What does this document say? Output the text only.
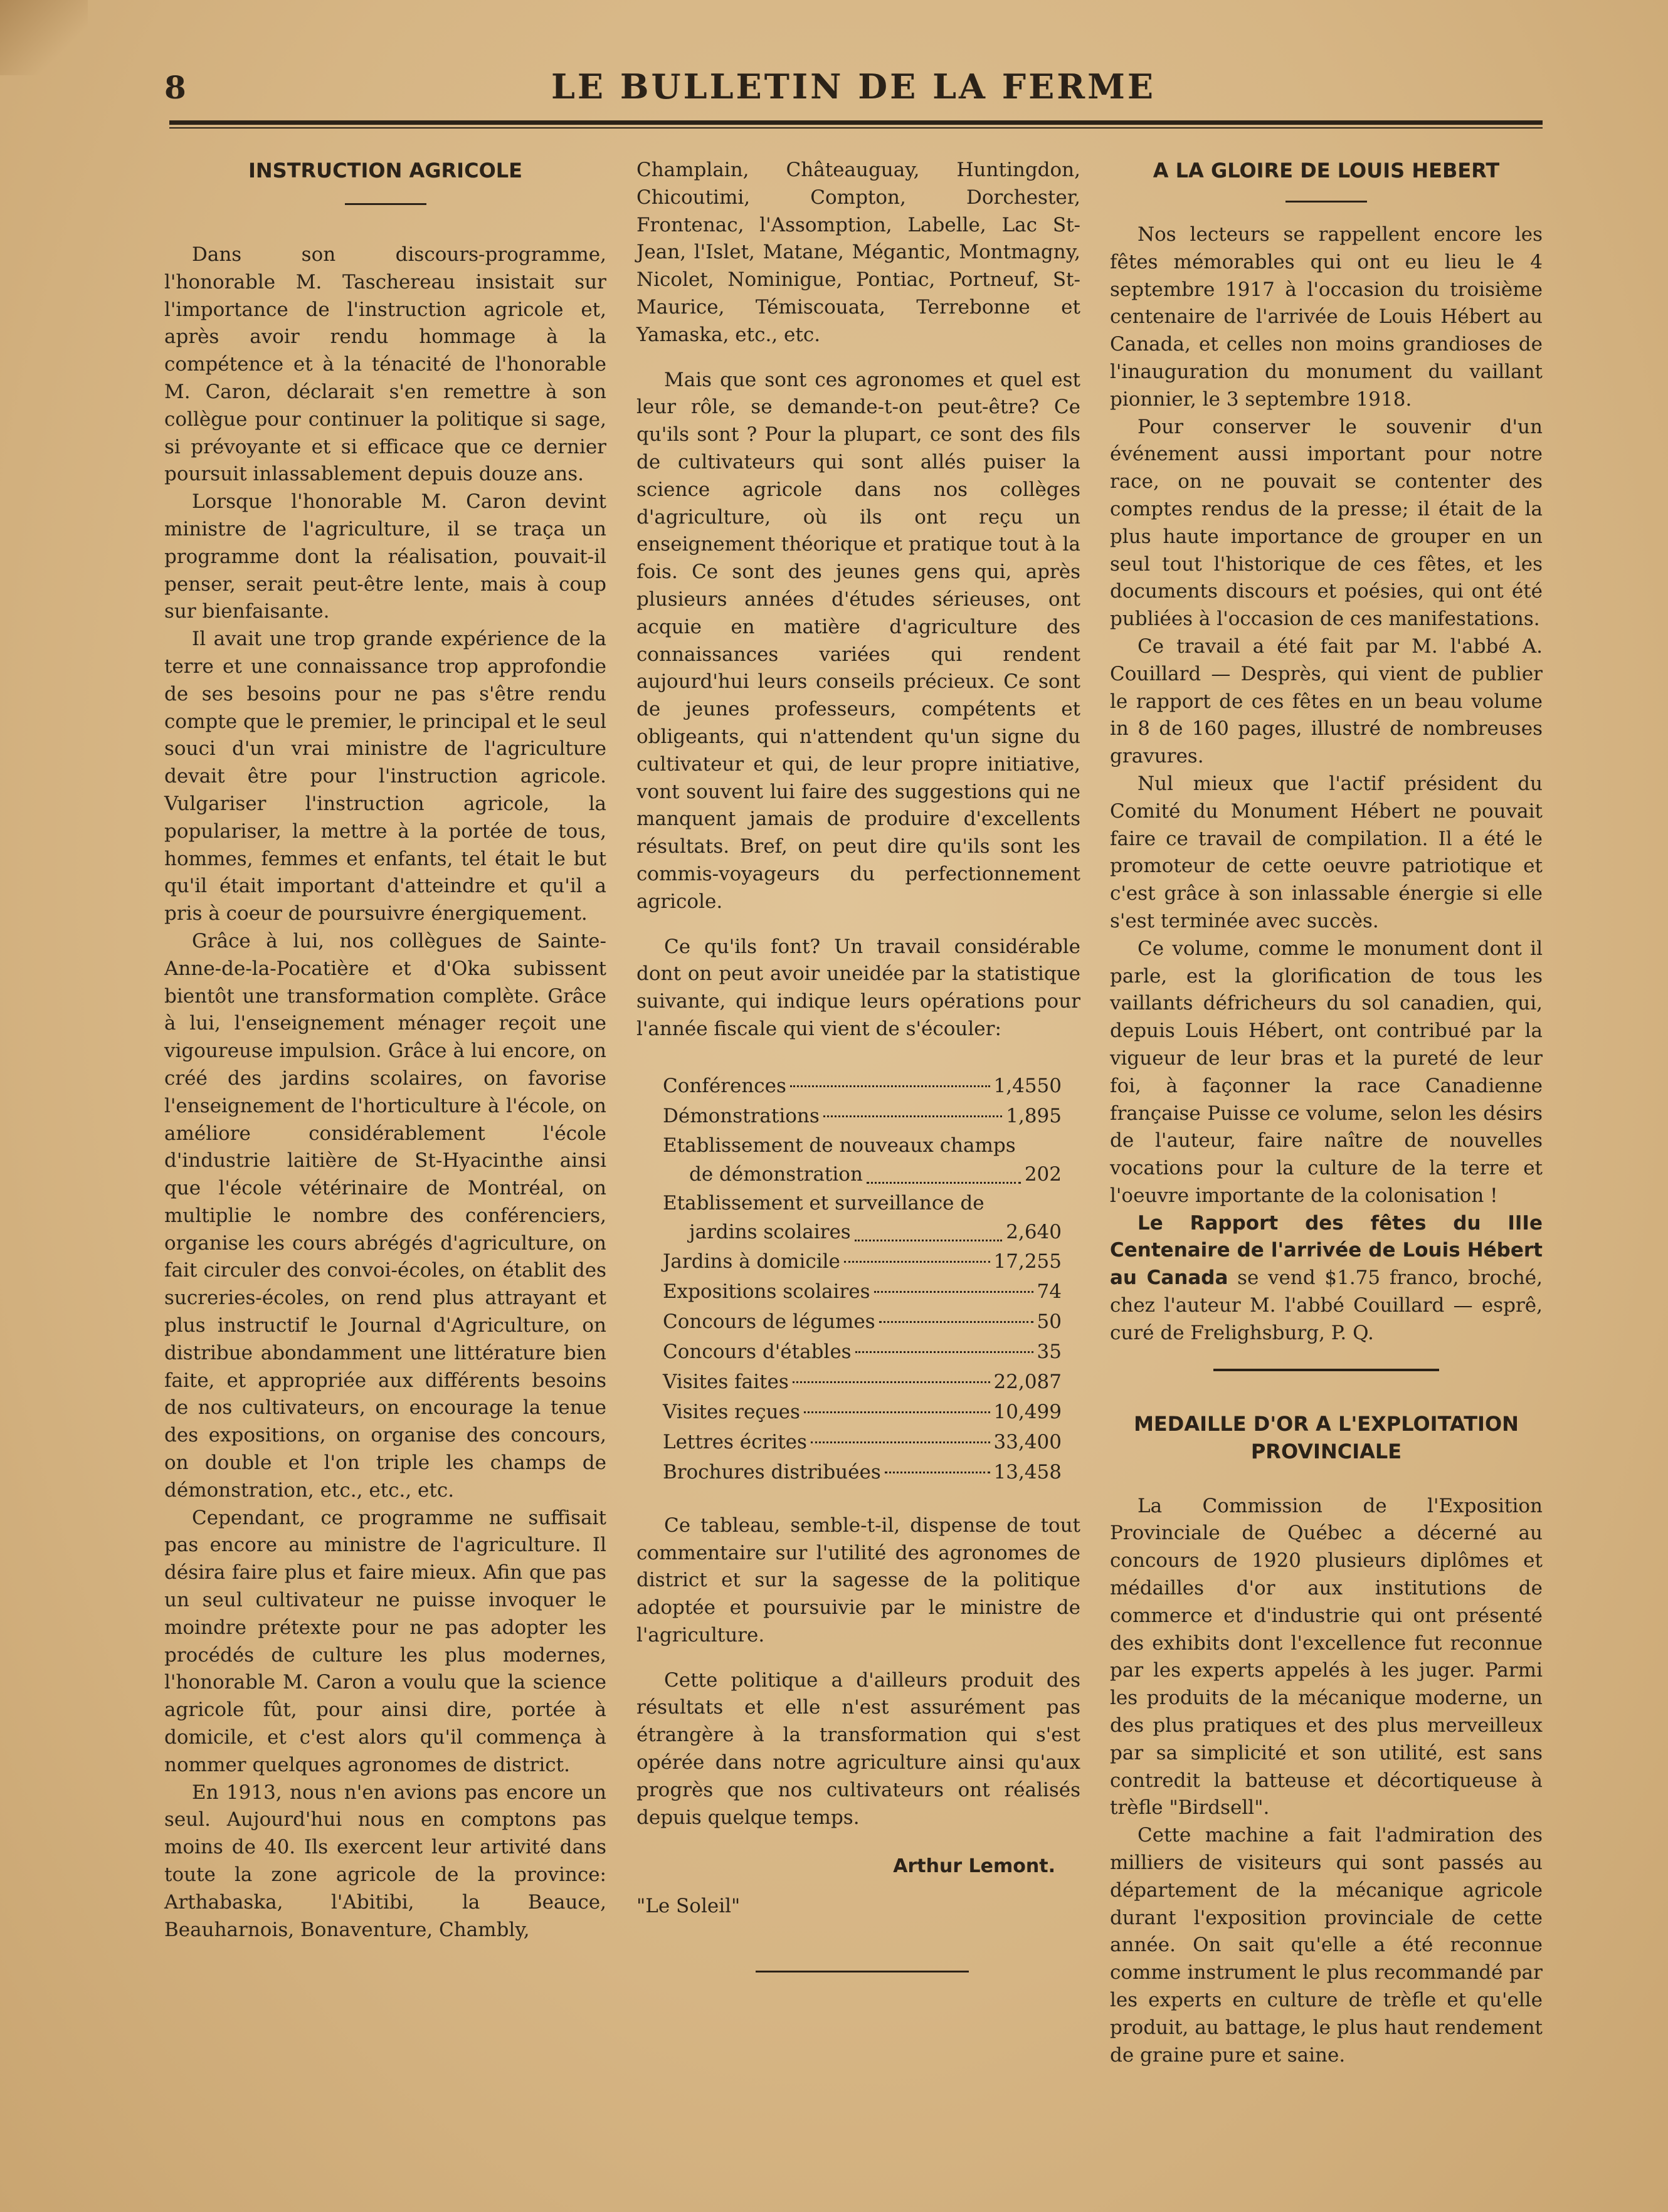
8	LE BULLETIN DE LA FERME
INSTRUCTION AGRICOLE

Dans son discours-programme, l'honorable M. Taschereau insistait sur l'importance de l'instruction agricole et, après avoir rendu hommage à la compétence et à la ténacité de l'honorable M. Caron, déclarait s'en remettre à son collègue pour continuer la politique si sage, si prévoyante et si efficace que ce dernier poursuit inlassablement depuis douze ans.

Lorsque l'honorable M. Caron devint ministre de l'agriculture, il se traça un programme dont la réalisation, pouvait-il penser, serait peut-être lente, mais à coup sur bienfaisante.

Il avait une trop grande expérience de la terre et une connaissance trop approfondie de ses besoins pour ne pas s'être rendu compte que le premier, le principal et le seul souci d'un vrai ministre de l'agriculture devait être pour l'instruction agricole. Vulgariser l'instruction agricole, la populariser, la mettre à la portée de tous, hommes, femmes et enfants, tel était le but qu'il était important d'atteindre et qu'il a pris à coeur de poursuivre énergiquement.

Grâce à lui, nos collègues de Sainte-Anne-de-la-Pocatière et d'Oka subissent bientôt une transformation complète. Grâce à lui, l'enseignement ménager reçoit une vigoureuse impulsion. Grâce à lui encore, on créé des jardins scolaires, on favorise l'enseignement de l'horticulture à l'école, on améliore considérablement l'école d'industrie laitière de St-Hyacinthe ainsi que l'école vétérinaire de Montréal, on multiplie le nombre des conférenciers, organise les cours abrégés d'agriculture, on fait circuler des convoi-écoles, on établit des sucreries-écoles, on rend plus attrayant et plus instructif le Journal d'Agriculture, on distribue abondamment une littérature bien faite, et appropriée aux différents besoins de nos cultivateurs, on encourage la tenue des expositions, on organise des concours, on double et l'on triple les champs de démonstration, etc., etc., etc.

Cependant, ce programme ne suffisait pas encore au ministre de l'agriculture. Il désira faire plus et faire mieux. Afin que pas un seul cultivateur ne puisse invoquer le moindre prétexte pour ne pas adopter les procédés de culture les plus modernes, l'honorable M. Caron a voulu que la science agricole fût, pour ainsi dire, portée à domicile, et c'est alors qu'il commença à nommer quelques agronomes de district.

En 1913, nous n'en avions pas encore un seul. Aujourd'hui nous en comptons pas moins de 40. Ils exercent leur artivité dans toute la zone agricole de la province: Arthabaska, l'Abitibi, la Beauce, Beauharnois, Bonaventure, Chambly,

Champlain, Châteauguay, Huntingdon, Chicoutimi, Compton, Dorchester, Frontenac, l'Assomption, Labelle, Lac St-Jean, l'Islet, Matane, Mégantic, Montmagny, Nicolet, Nominigue, Pontiac, Portneuf, St-Maurice, Témiscouata, Terrebonne et Yamaska, etc., etc.

Mais que sont ces agronomes et quel est leur rôle, se demande-t-on peut-être? Ce qu'ils sont ? Pour la plupart, ce sont des fils de cultivateurs qui sont allés puiser la science agricole dans nos collèges d'agriculture, où ils ont reçu un enseignement théorique et pratique tout à la fois. Ce sont des jeunes gens qui, après plusieurs années d'études sérieuses, ont acquie en matière d'agriculture des connaissances variées qui rendent aujourd'hui leurs conseils précieux. Ce sont de jeunes professeurs, compétents et obligeants, qui n'attendent qu'un signe du cultivateur et qui, de leur propre initiative, vont souvent lui faire des suggestions qui ne manquent jamais de produire d'excellents résultats. Bref, on peut dire qu'ils sont les commis-voyageurs du perfectionnement agricole.

Ce qu'ils font? Un travail considérable dont on peut avoir uneidée par la statistique suivante, qui indique leurs opérations pour l'année fiscale qui vient de s'écouler:

Conférences	1,4550
Démonstrations	1,895
Etablissement de nouveaux champs
de démonstration	202
Etablissement et surveillance de
jardins scolaires	2,640
Jardins à domicile	17,255
Expositions scolaires	74
Concours de légumes	50
Concours d'étables	35
Visites faites	22,087
Visites reçues	10,499
Lettres écrites	33,400
Brochures distribuées	13,458

Ce tableau, semble-t-il, dispense de tout commentaire sur l'utilité des agronomes de district et sur la sagesse de la politique adoptée et poursuivie par le ministre de l'agriculture.

Cette politique a d'ailleurs produit des résultats et elle n'est assurément pas étrangère à la transformation qui s'est opérée dans notre agriculture ainsi qu'aux progrès que nos cultivateurs ont réalisés depuis quelque temps.

Arthur Lemont.
"Le Soleil"
A LA GLOIRE DE LOUIS HEBERT

Nos lecteurs se rappellent encore les fêtes mémorables qui ont eu lieu le 4 septembre 1917 à l'occasion du troisième centenaire de l'arrivée de Louis Hébert au Canada, et celles non moins grandioses de l'inauguration du monument du vaillant pionnier, le 3 septembre 1918.

Pour conserver le souvenir d'un événement aussi important pour notre race, on ne pouvait se contenter des comptes rendus de la presse; il était de la plus haute importance de grouper en un seul tout l'historique de ces fêtes, et les documents discours et poésies, qui ont été publiées à l'occasion de ces manifestations.

Ce travail a été fait par M. l'abbé A. Couillard — Desprès, qui vient de publier le rapport de ces fêtes en un beau volume in 8 de 160 pages, illustré de nombreuses gravures.

Nul mieux que l'actif président du Comité du Monument Hébert ne pouvait faire ce travail de compilation. Il a été le promoteur de cette oeuvre patriotique et c'est grâce à son inlassable énergie si elle s'est terminée avec succès.

Ce volume, comme le monument dont il parle, est la glorification de tous les vaillants défricheurs du sol canadien, qui, depuis Louis Hébert, ont contribué par la vigueur de leur bras et la pureté de leur foi, à façonner la race Canadienne française Puisse ce volume, selon les désirs de l'auteur, faire naître de nouvelles vocations pour la culture de la terre et l'oeuvre importante de la colonisation !

Le Rapport des fêtes du IIIe Centenaire de l'arrivée de Louis Hébert au Canada se vend $1.75 franco, broché, chez l'auteur M. l'abbé Couillard — esprê, curé de Frelighsburg, P. Q.

MEDAILLE D'OR A L'EXPLOITATION PROVINCIALE

La Commission de l'Exposition Provinciale de Québec a décerné au concours de 1920 plusieurs diplômes et médailles d'or aux institutions de commerce et d'industrie qui ont présenté des exhibits dont l'excellence fut reconnue par les experts appelés à les juger. Parmi les produits de la mécanique moderne, un des plus pratiques et des plus merveilleux par sa simplicité et son utilité, est sans contredit la batteuse et décortiqueuse à trèfle "Birdsell".

Cette machine a fait l'admiration des milliers de visiteurs qui sont passés au département de la mécanique agricole durant l'exposition provinciale de cette année. On sait qu'elle a été reconnue comme instrument le plus recommandé par les experts en culture de trèfle et qu'elle produit, au battage, le plus haut rendement de graine pure et saine.
